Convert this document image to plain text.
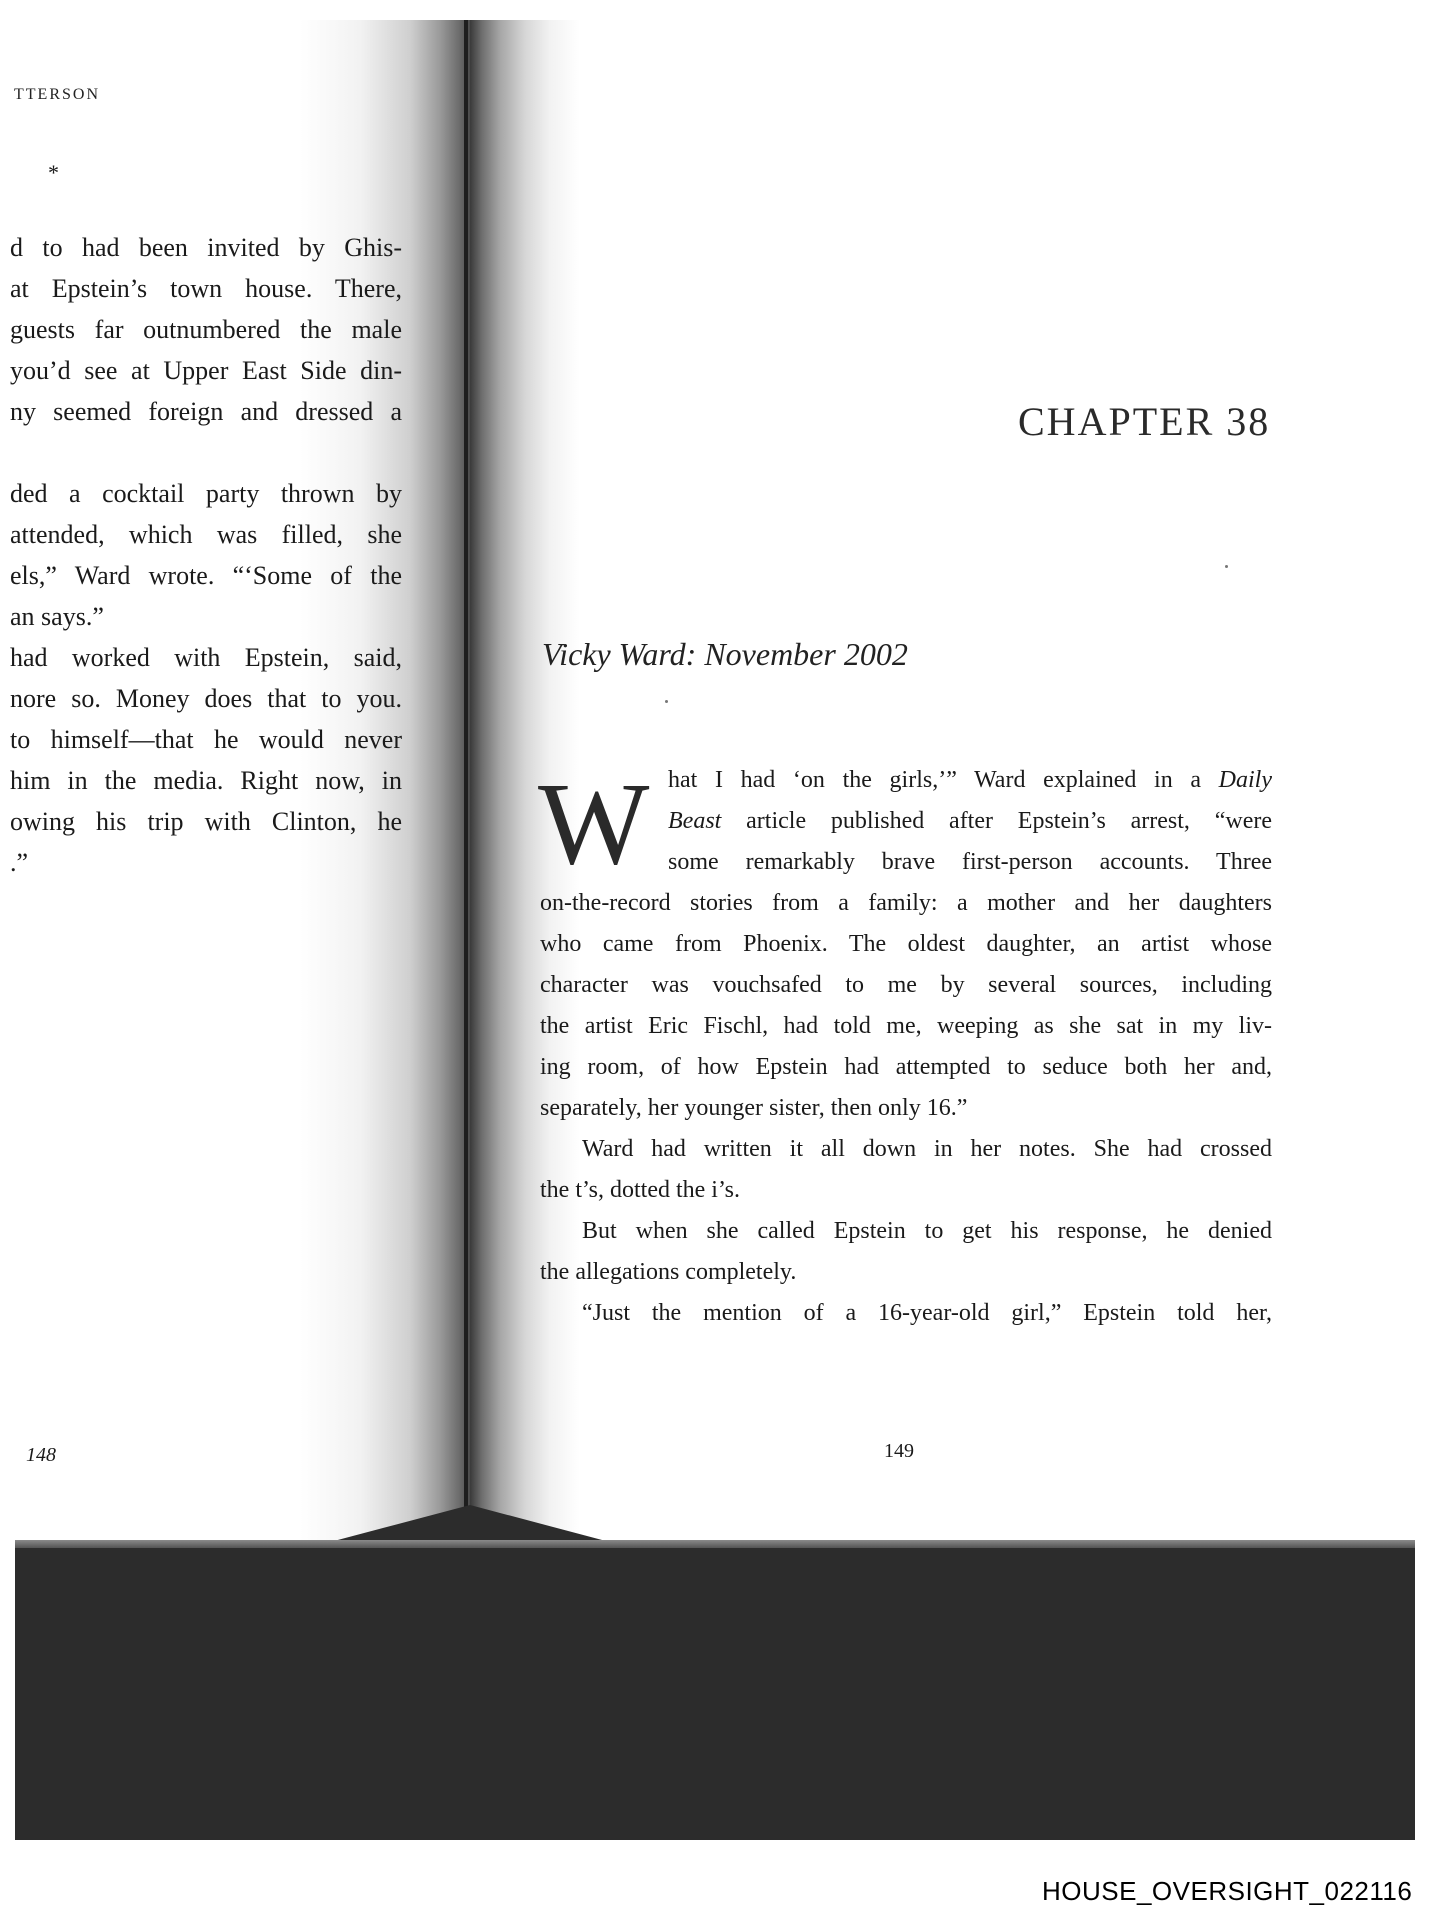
TTERSON
*
d to had been invited by Ghis-
at Epstein’s town house. There,
guests far outnumbered the male
you’d see at Upper East Side din-
ny seemed foreign and dressed a
ded a cocktail party thrown by
attended, which was filled, she
els,” Ward wrote. “‘Some of the
an says.”
had worked with Epstein, said,
nore so. Money does that to you.
to himself—that he would never
him in the media. Right now, in
owing his trip with Clinton, he
.”
148
CHAPTER 38
Vicky Ward: November 2002
W hat I had ‘on the girls,’” Ward explained in a Daily
Beast article published after Epstein’s arrest, “were
some remarkably brave first-person accounts. Three
on-the-record stories from a family: a mother and her daughters
who came from Phoenix. The oldest daughter, an artist whose
character was vouchsafed to me by several sources, including
the artist Eric Fischl, had told me, weeping as she sat in my liv-
ing room, of how Epstein had attempted to seduce both her and,
separately, her younger sister, then only 16.”
Ward had written it all down in her notes. She had crossed
the t’s, dotted the i’s.
But when she called Epstein to get his response, he denied
the allegations completely.
“Just the mention of a 16-year-old girl,” Epstein told her,
149
HOUSE_OVERSIGHT_022116
